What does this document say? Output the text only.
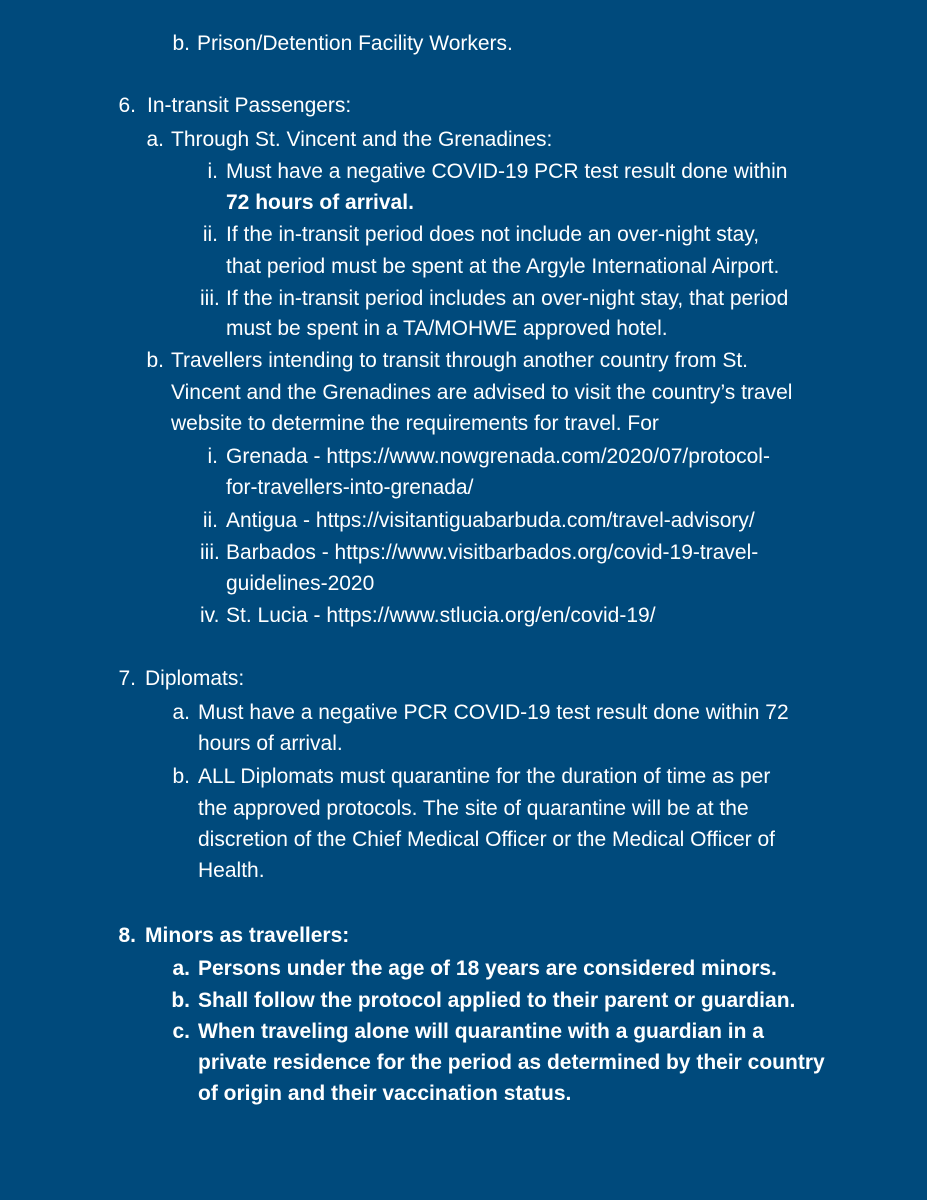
b. Prison/Detention Facility Workers.
6. In-transit Passengers:
a. Through St. Vincent and the Grenadines:
i. Must have a negative COVID-19 PCR test result done within
72 hours of arrival.
ii. If the in-transit period does not include an over-night stay,
that period must be spent at the Argyle International Airport.
iii. If the in-transit period includes an over-night stay, that period
must be spent in a TA/MOHWE approved hotel.
b. Travellers intending to transit through another country from St.
Vincent and the Grenadines are advised to visit the country’s travel
website to determine the requirements for travel. For
i. Grenada - https://www.nowgrenada.com/2020/07/protocol-
for-travellers-into-grenada/
ii. Antigua - https://visitantiguabarbuda.com/travel-advisory/
iii. Barbados - https://www.visitbarbados.org/covid-19-travel-
guidelines-2020
iv. St. Lucia - https://www.stlucia.org/en/covid-19/
7. Diplomats:
a. Must have a negative PCR COVID-19 test result done within 72
hours of arrival.
b. ALL Diplomats must quarantine for the duration of time as per
the approved protocols. The site of quarantine will be at the
discretion of the Chief Medical Officer or the Medical Officer of
Health.
8. Minors as travellers:
a. Persons under the age of 18 years are considered minors.
b. Shall follow the protocol applied to their parent or guardian.
c. When traveling alone will quarantine with a guardian in a
private residence for the period as determined by their country
of origin and their vaccination status.
